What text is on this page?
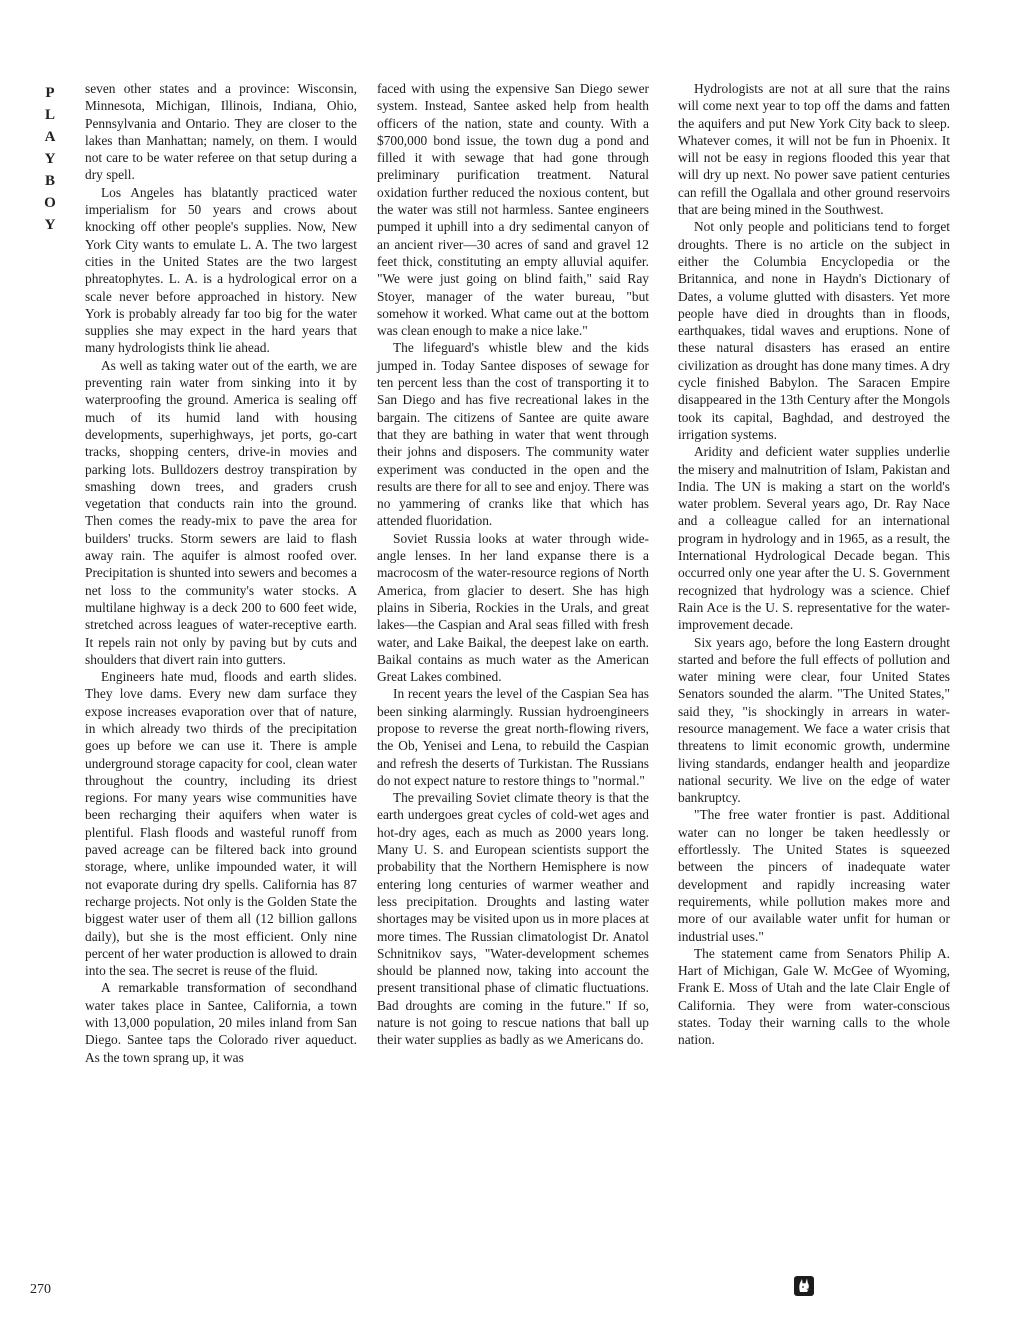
P
L
A
Y
B
O
Y

seven other states and a province: Wisconsin, Minnesota, Michigan, Illinois, Indiana, Ohio, Pennsylvania and Ontario. They are closer to the lakes than Manhattan; namely, on them. I would not care to be water referee on that setup during a dry spell.

Los Angeles has blatantly practiced water imperialism for 50 years and crows about knocking off other people's supplies. Now, New York City wants to emulate L. A. The two largest cities in the United States are the two largest phreatophytes. L. A. is a hydrological error on a scale never before approached in history. New York is probably already far too big for the water supplies she may expect in the hard years that many hydrologists think lie ahead.

As well as taking water out of the earth, we are preventing rain water from sinking into it by waterproofing the ground. America is sealing off much of its humid land with housing developments, superhighways, jet ports, go-cart tracks, shopping centers, drive-in movies and parking lots. Bulldozers destroy transpiration by smashing down trees, and graders crush vegetation that conducts rain into the ground. Then comes the ready-mix to pave the area for builders' trucks. Storm sewers are laid to flash away rain. The aquifer is almost roofed over. Precipitation is shunted into sewers and becomes a net loss to the community's water stocks. A multilane highway is a deck 200 to 600 feet wide, stretched across leagues of water-receptive earth. It repels rain not only by paving but by cuts and shoulders that divert rain into gutters.

Engineers hate mud, floods and earth slides. They love dams. Every new dam surface they expose increases evaporation over that of nature, in which already two thirds of the precipitation goes up before we can use it. There is ample underground storage capacity for cool, clean water throughout the country, including its driest regions. For many years wise communities have been recharging their aquifers when water is plentiful. Flash floods and wasteful runoff from paved acreage can be filtered back into ground storage, where, unlike impounded water, it will not evaporate during dry spells. California has 87 recharge projects. Not only is the Golden State the biggest water user of them all (12 billion gallons daily), but she is the most efficient. Only nine percent of her water production is allowed to drain into the sea. The secret is reuse of the fluid.

A remarkable transformation of secondhand water takes place in Santee, California, a town with 13,000 population, 20 miles inland from San Diego. Santee taps the Colorado river aqueduct. As the town sprang up, it was

faced with using the expensive San Diego sewer system. Instead, Santee asked help from health officers of the nation, state and county. With a $700,000 bond issue, the town dug a pond and filled it with sewage that had gone through preliminary purification treatment. Natural oxidation further reduced the noxious content, but the water was still not harmless. Santee engineers pumped it uphill into a dry sedimental canyon of an ancient river—30 acres of sand and gravel 12 feet thick, constituting an empty alluvial aquifer. "We were just going on blind faith," said Ray Stoyer, manager of the water bureau, "but somehow it worked. What came out at the bottom was clean enough to make a nice lake."

The lifeguard's whistle blew and the kids jumped in. Today Santee disposes of sewage for ten percent less than the cost of transporting it to San Diego and has five recreational lakes in the bargain. The citizens of Santee are quite aware that they are bathing in water that went through their johns and disposers. The community water experiment was conducted in the open and the results are there for all to see and enjoy. There was no yammering of cranks like that which has attended fluoridation.

Soviet Russia looks at water through wide-angle lenses. In her land expanse there is a macrocosm of the water-resource regions of North America, from glacier to desert. She has high plains in Siberia, Rockies in the Urals, and great lakes—the Caspian and Aral seas filled with fresh water, and Lake Baikal, the deepest lake on earth. Baikal contains as much water as the American Great Lakes combined.

In recent years the level of the Caspian Sea has been sinking alarmingly. Russian hydroengineers propose to reverse the great north-flowing rivers, the Ob, Yenisei and Lena, to rebuild the Caspian and refresh the deserts of Turkistan. The Russians do not expect nature to restore things to "normal."

The prevailing Soviet climate theory is that the earth undergoes great cycles of cold-wet ages and hot-dry ages, each as much as 2000 years long. Many U. S. and European scientists support the probability that the Northern Hemisphere is now entering long centuries of warmer weather and less precipitation. Droughts and lasting water shortages may be visited upon us in more places at more times. The Russian climatologist Dr. Anatol Schnitnikov says, "Water-development schemes should be planned now, taking into account the present transitional phase of climatic fluctuations. Bad droughts are coming in the future." If so, nature is not going to rescue nations that ball up their water supplies as badly as we Americans do.

Hydrologists are not at all sure that the rains will come next year to top off the dams and fatten the aquifers and put New York City back to sleep. Whatever comes, it will not be fun in Phoenix. It will not be easy in regions flooded this year that will dry up next. No power save patient centuries can refill the Ogallala and other ground reservoirs that are being mined in the Southwest.

Not only people and politicians tend to forget droughts. There is no article on the subject in either the Columbia Encyclopedia or the Britannica, and none in Haydn's Dictionary of Dates, a volume glutted with disasters. Yet more people have died in droughts than in floods, earthquakes, tidal waves and eruptions. None of these natural disasters has erased an entire civilization as drought has done many times. A dry cycle finished Babylon. The Saracen Empire disappeared in the 13th Century after the Mongols took its capital, Baghdad, and destroyed the irrigation systems.

Aridity and deficient water supplies underlie the misery and malnutrition of Islam, Pakistan and India. The UN is making a start on the world's water problem. Several years ago, Dr. Ray Nace and a colleague called for an international program in hydrology and in 1965, as a result, the International Hydrological Decade began. This occurred only one year after the U. S. Government recognized that hydrology was a science. Chief Rain Ace is the U. S. representative for the water-improvement decade.

Six years ago, before the long Eastern drought started and before the full effects of pollution and water mining were clear, four United States Senators sounded the alarm. "The United States," said they, "is shockingly in arrears in water-resource management. We face a water crisis that threatens to limit economic growth, undermine living standards, endanger health and jeopardize national security. We live on the edge of water bankruptcy.

"The free water frontier is past. Additional water can no longer be taken heedlessly or effortlessly. The United States is squeezed between the pincers of inadequate water development and rapidly increasing water requirements, while pollution makes more and more of our available water unfit for human or industrial uses."

The statement came from Senators Philip A. Hart of Michigan, Gale W. McGee of Wyoming, Frank E. Moss of Utah and the late Clair Engle of California. They were from water-conscious states. Today their warning calls to the whole nation.

270
